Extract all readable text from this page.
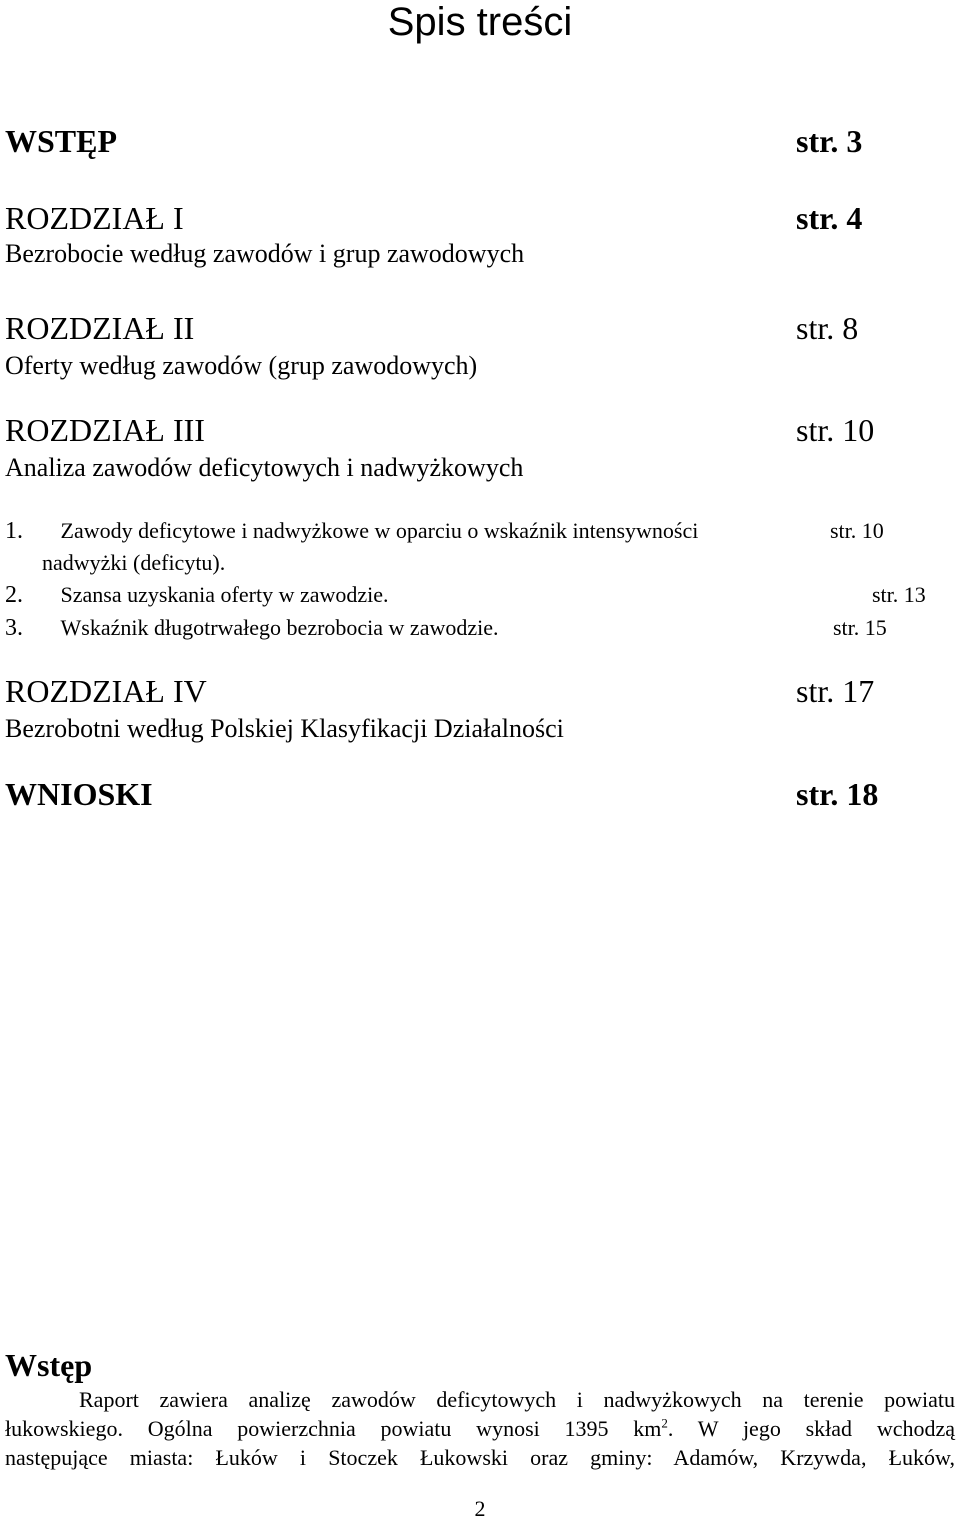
Spis treści
WSTĘP	str. 3
ROZDZIAŁ I	str. 4
Bezrobocie według zawodów i grup zawodowych
ROZDZIAŁ II	str. 8
Oferty według zawodów (grup zawodowych)
ROZDZIAŁ III	str. 10
Analiza zawodów deficytowych i nadwyżkowych
1. Zawody deficytowe i nadwyżkowe w oparciu o wskaźnik intensywności	str. 10
nadwyżki (deficytu).
2. Szansa uzyskania oferty w zawodzie.	str. 13
3. Wskaźnik długotrwałego bezrobocia w zawodzie.	str. 15
ROZDZIAŁ IV	str. 17
Bezrobotni według Polskiej Klasyfikacji Działalności
WNIOSKI	str. 18
Wstęp
Raport zawiera analizę zawodów deficytowych i nadwyżkowych na terenie powiatu
łukowskiego. Ogólna powierzchnia powiatu wynosi 1395 $km^2$. W jego skład wchodzą
następujące miasta: Łuków i Stoczek Łukowski oraz gminy: Adamów, Krzywda, Łuków,
2
